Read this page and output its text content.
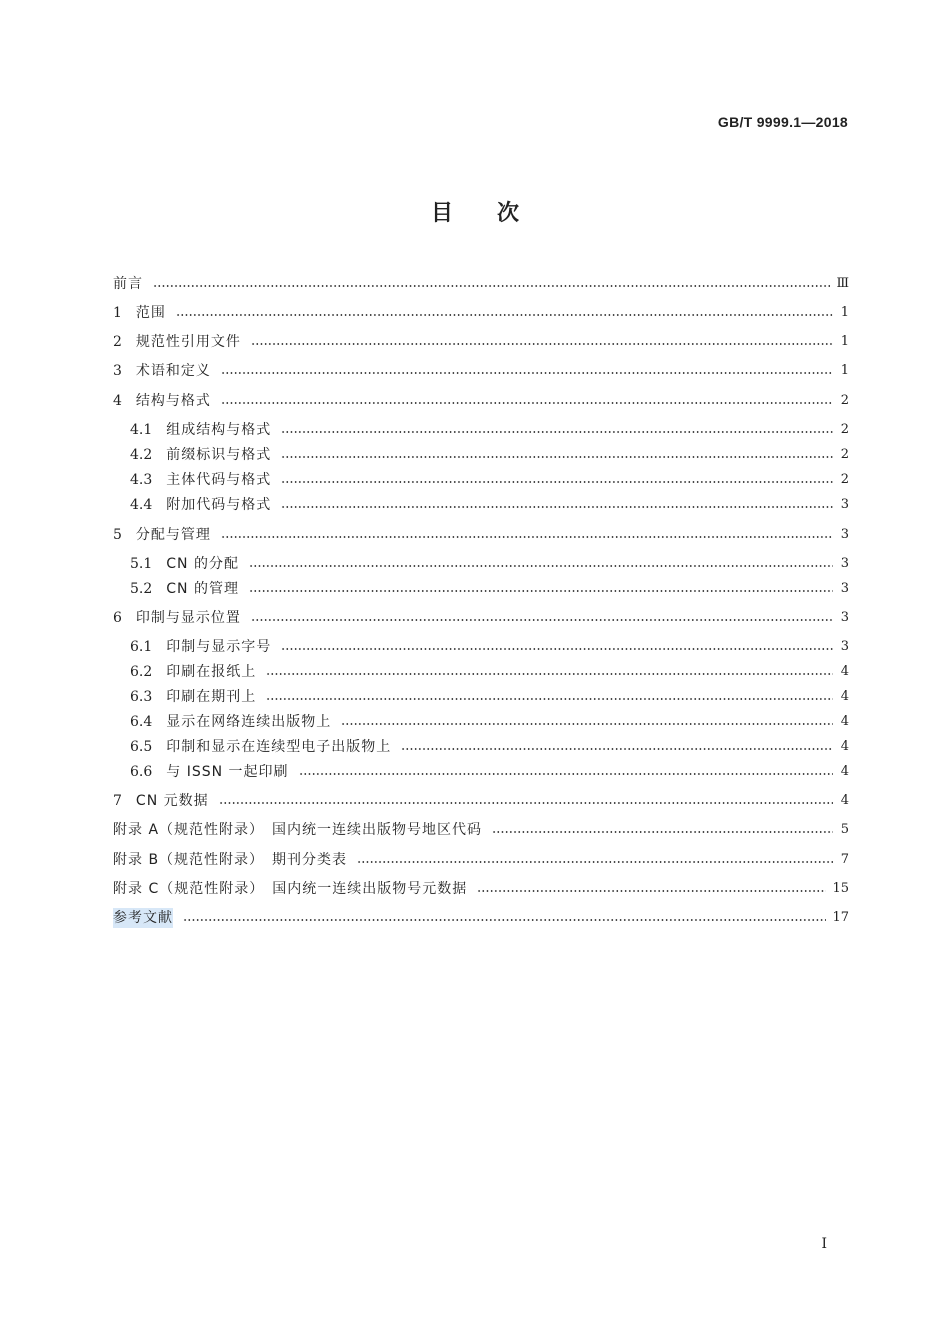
GB/T 9999.1—2018
目　　次
前言	Ⅲ
1 范围	1
2 规范性引用文件	1
3 术语和定义	1
4 结构与格式	2
4.1 组成结构与格式	2
4.2 前缀标识与格式	2
4.3 主体代码与格式	2
4.4 附加代码与格式	3
5 分配与管理	3
5.1 CN 的分配	3
5.2 CN 的管理	3
6 印制与显示位置	3
6.1 印制与显示字号	3
6.2 印刷在报纸上	4
6.3 印刷在期刊上	4
6.4 显示在网络连续出版物上	4
6.5 印制和显示在连续型电子出版物上	4
6.6 与 ISSN 一起印刷	4
7 CN 元数据	4
附录 A（规范性附录）　国内统一连续出版物号地区代码	5
附录 B（规范性附录）　期刊分类表	7
附录 C（规范性附录）　国内统一连续出版物号元数据	15
参考文献	17
Ⅰ
